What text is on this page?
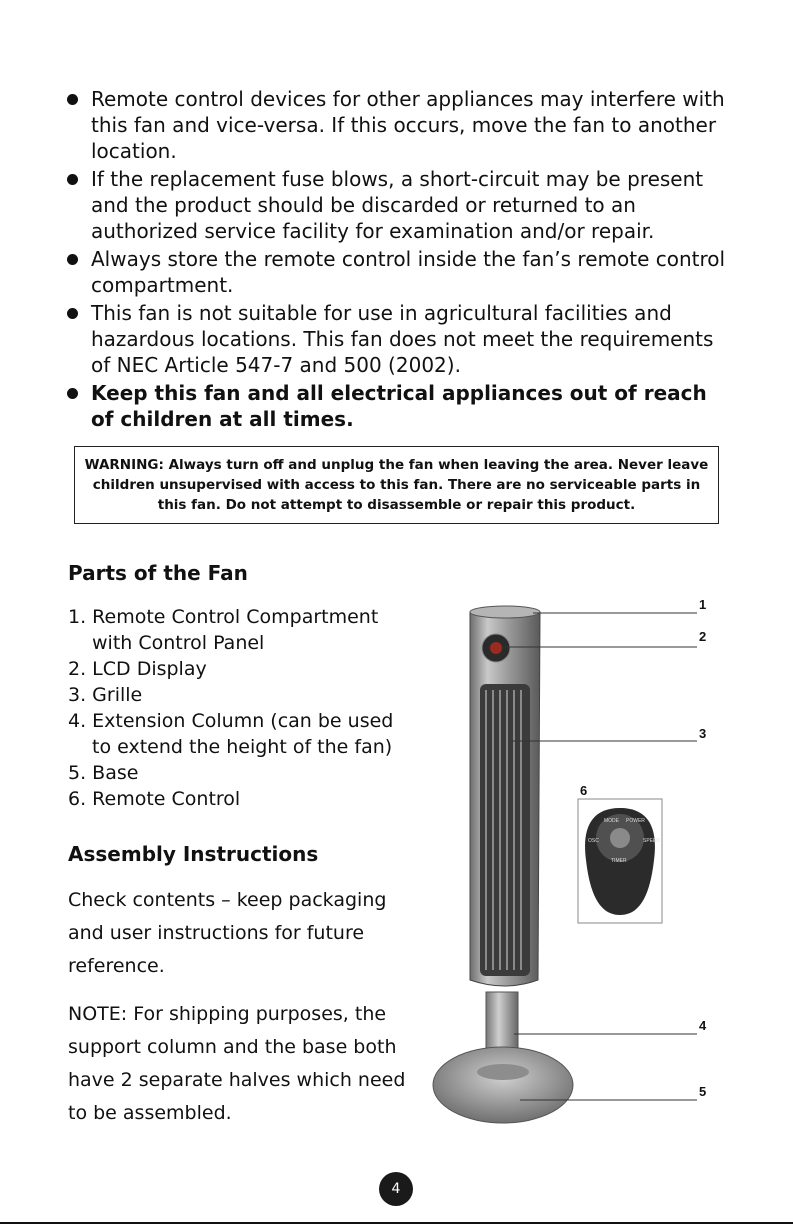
Remote control devices for other appliances may interfere with this fan and vice-versa. If this occurs, move the fan to another location.

If the replacement fuse blows, a short-circuit may be present and the product should be discarded or returned to an authorized service facility for examination and/or repair.

Always store the remote control inside the fan’s remote control compartment.

This fan is not suitable for use in agricultural facilities and hazardous locations. This fan does not meet the requirements of NEC Article 547-7 and 500 (2002).

Keep this fan and all electrical appliances out of reach of children at all times.

WARNING: Always turn off and unplug the fan when leaving the area. Never leave
children unsupervised with access to this fan. There are no serviceable parts in
this fan. Do not attempt to disassemble or repair this product.
Parts of the Fan

1. Remote Control Compartment

with Control Panel

2. LCD Display

3. Grille

4. Extension Column (can be used

to extend the height of the fan)

5. Base

6. Remote Control

Assembly Instructions

Check contents – keep packaging and user instructions for future reference.

NOTE: For shipping purposes, the support column and the base both have 2 separate halves which need to be assembled.

1
2
3
4
5
6
MODE POWER
SPEED
TIMER
OSC
4
